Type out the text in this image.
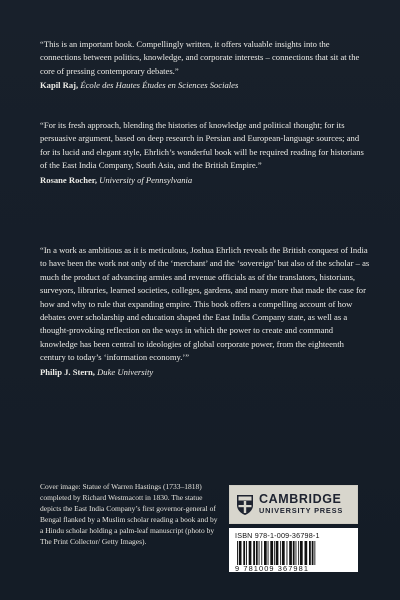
“This is an important book. Compellingly written, it offers valuable insights into the connections between politics, knowledge, and corporate interests – connections that sit at the core of pressing contemporary debates.”

Kapil Raj, École des Hautes Études en Sciences Sociales

“For its fresh approach, blending the histories of knowledge and political thought; for its persuasive argument, based on deep research in Persian and European-language sources; and for its lucid and elegant style, Ehrlich’s wonderful book will be required reading for historians of the East India Company, South Asia, and the British Empire.”

Rosane Rocher, University of Pennsylvania

“In a work as ambitious as it is meticulous, Joshua Ehrlich reveals the British conquest of India to have been the work not only of the ‘merchant’ and the ‘sovereign’ but also of the scholar – as much the product of advancing armies and revenue officials as of the translators, historians, surveyors, libraries, learned societies, colleges, gardens, and many more that made the case for how and why to rule that expanding empire. This book offers a compelling account of how debates over scholarship and education shaped the East India Company state, as well as a thought-provoking reflection on the ways in which the power to create and command knowledge has been central to ideologies of global corporate power, from the eighteenth century to today’s ‘information economy.’”

Philip J. Stern, Duke University

Cover image: Statue of Warren Hastings (1733–1818) completed by Richard Westmacott in 1830. The statue depicts the East India Company’s first governor-general of Bengal flanked by a Muslim scholar reading a book and by a Hindu scholar holding a palm-leaf manuscript (photo by The Print Collector/ Getty Images).

CAMBRIDGE
UNIVERSITY PRESS
ISBN 978-1-009-36798-1
9 781009 367981
